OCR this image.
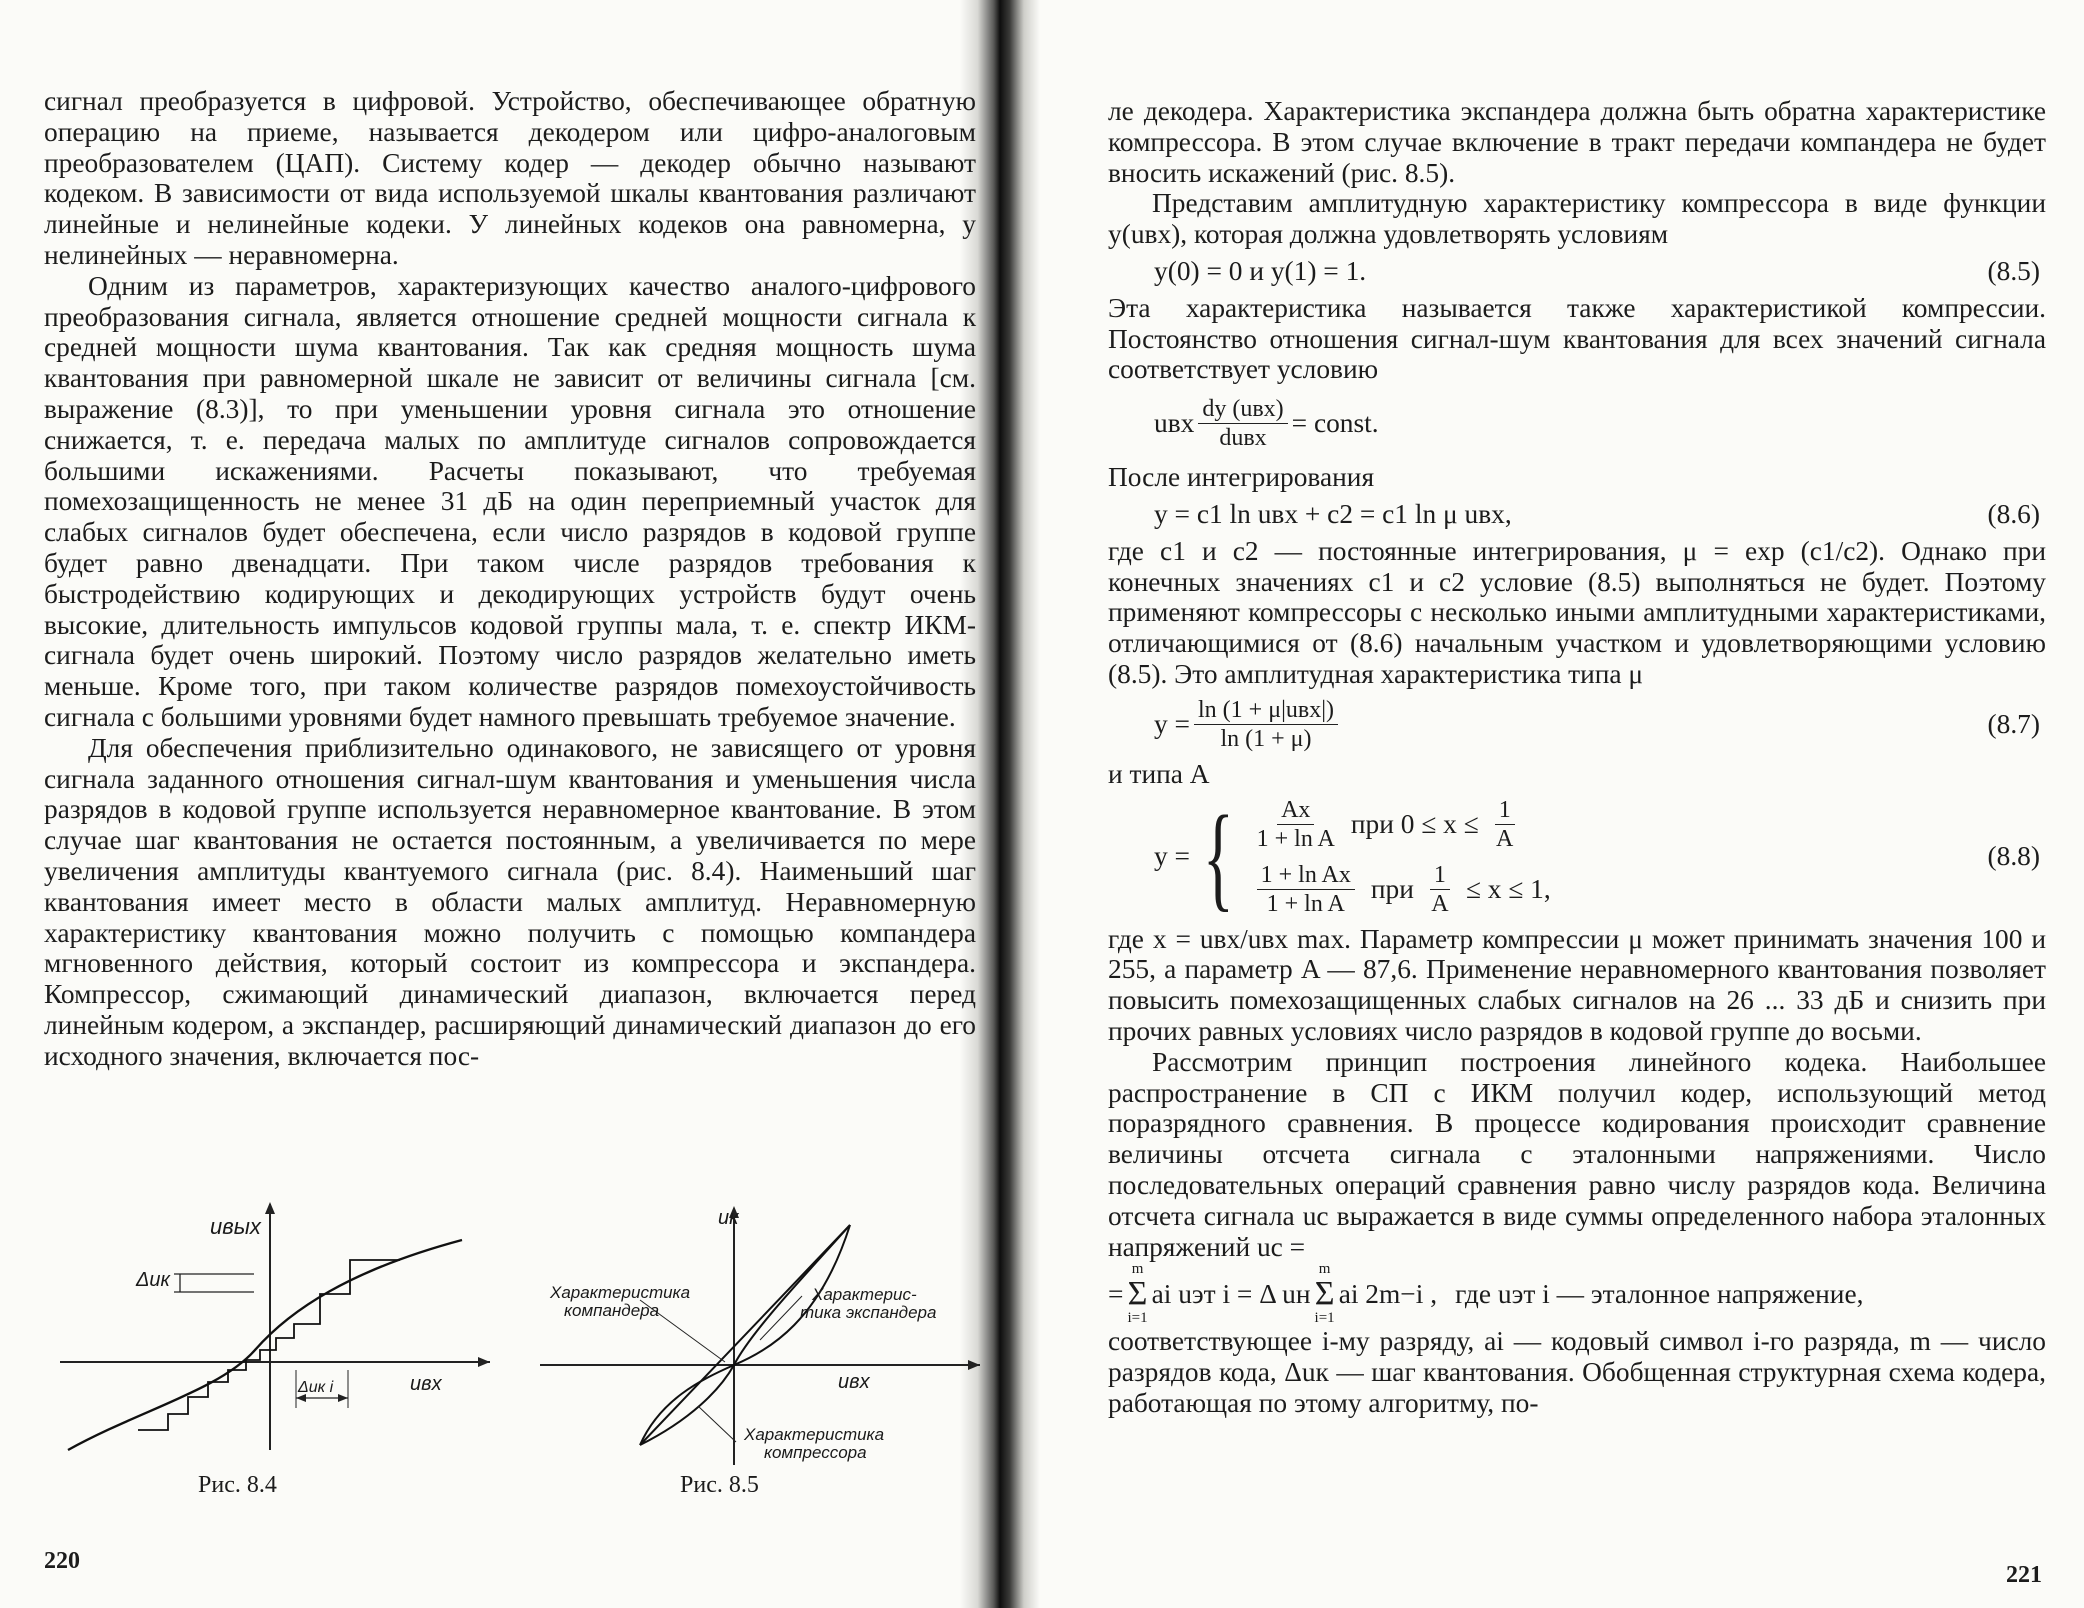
сигнал преобразуется в цифровой. Устройство, обеспечивающее обратную операцию на приеме, называется декодером или цифро-аналоговым преобразователем (ЦАП). Систему кодер — декодер обычно называют кодеком. В зависимости от вида используемой шкалы квантования различают линейные и нелинейные кодеки. У линейных кодеков она равномерна, у нелинейных — неравномерна.

Одним из параметров, характеризующих качество аналого-цифрового преобразования сигнала, является отношение средней мощности сигнала к средней мощности шума квантования. Так как средняя мощность шума квантования при равномерной шкале не зависит от величины сигнала [см. выражение (8.3)], то при уменьшении уровня сигнала это отношение снижается, т. е. передача малых по амплитуде сигналов сопровождается большими искажениями. Расчеты показывают, что требуемая помехозащищенность не менее 31 дБ на один переприемный участок для слабых сигналов будет обеспечена, если число разрядов в кодовой группе будет равно двенадцати. При таком числе разрядов требования к быстродействию кодирующих и декодирующих устройств будут очень высокие, длительность импульсов кодовой группы мала, т. е. спектр ИКМ-сигнала будет очень широкий. Поэтому число разрядов желательно иметь меньше. Кроме того, при таком количестве разрядов помехоустойчивость сигнала с большими уровнями будет намного превышать требуемое значение.

Для обеспечения приблизительно одинакового, не зависящего от уровня сигнала заданного отношения сигнал-шум квантования и уменьшения числа разрядов в кодовой группе используется неравномерное квантование. В этом случае шаг квантования не остается постоянным, а увеличивается по мере увеличения амплитуды квантуемого сигнала (рис. 8.4). Наименьший шаг квантования имеет место в области малых амплитуд. Неравномерную характеристику квантования можно получить с помощью компандера мгновенного действия, который состоит из компрессора и экспандера. Компрессор, сжимающий динамический диапазон, включается перед линейным кодером, а экспандер, расширяющий динамический диапазон до его исходного значения, включается пос-

uвых
Δuк
Δuк i	uвх
Рис. 8.4
uк
Характеристика
компандера
Характерис-
тика экспандера
uвх
Характеристика
компрессора
Рис. 8.5
220

ле декодера. Характеристика экспандера должна быть обратна характеристике компрессора. В этом случае включение в тракт передачи компандера не будет вносить искажений (рис. 8.5).

Представим амплитудную характеристику компрессора в виде функции y(uвх), которая должна удовлетворять условиям

y(0) = 0 и y(1) = 1.	(8.5)

Эта характеристика называется также характеристикой компрессии. Постоянство отношения сигнал-шум квантования для всех значений сигнала соответствует условию

uвх $\frac{\text{dy (uвх)}}{\text{duвх}}$ = const.

После интегрирования

y = c1 ln uвх + c2 = c1 ln μ uвх,	(8.6)

где c1 и c2 — постоянные интегрирования, μ = exp (c1/c2). Однако при конечных значениях c1 и c2 условие (8.5) выполняться не будет. Поэтому применяют компрессоры с несколько иными амплитудными характеристиками, отличающимися от (8.6) начальным участком и удовлетворяющими условию (8.5). Это амплитудная характеристика типа μ

$y = \frac{\text{ln (1 + μ|uвх|)}}{\ln (1 + \mu)}$	(8.7)

и типа A

y = { $\frac{Ax}{\text{1 + ln A}}$ при $0 \le x \le \frac{1}{A}$
$\frac{\text{1 + ln Ax}}{\text{1 + ln A}}$ при $\frac{1}{A} \le x \le 1$,
(8.8)

где x = uвх/uвх max. Параметр компрессии μ может принимать значения 100 и 255, а параметр A — 87,6. Применение неравномерного квантования позволяет повысить помехозащищенных слабых сигналов на 26 ... 33 дБ и снизить при прочих равных условиях число разрядов в кодовой группе до восьми.

Рассмотрим принцип построения линейного кодека. Наибольшее распространение в СП с ИКМ получил кодер, использующий метод поразрядного сравнения. В процессе кодирования происходит сравнение величины отсчета сигнала с эталонными напряжениями. Число последовательных операций сравнения равно числу разрядов кода. Величина отсчета сигнала uс выражается в виде суммы определенного набора эталонных напряжений uс =

=
m
Σ
i=1
ai uэт i = Δ uн
m
Σ
i=1
ai 2m−i , где uэт i — эталонное напряжение,

соответствующее i-му разряду, ai — кодовый символ i-го разряда, m — число разрядов кода, Δuк — шаг квантования. Обобщенная структурная схема кодера, работающая по этому алгоритму, по-

221
